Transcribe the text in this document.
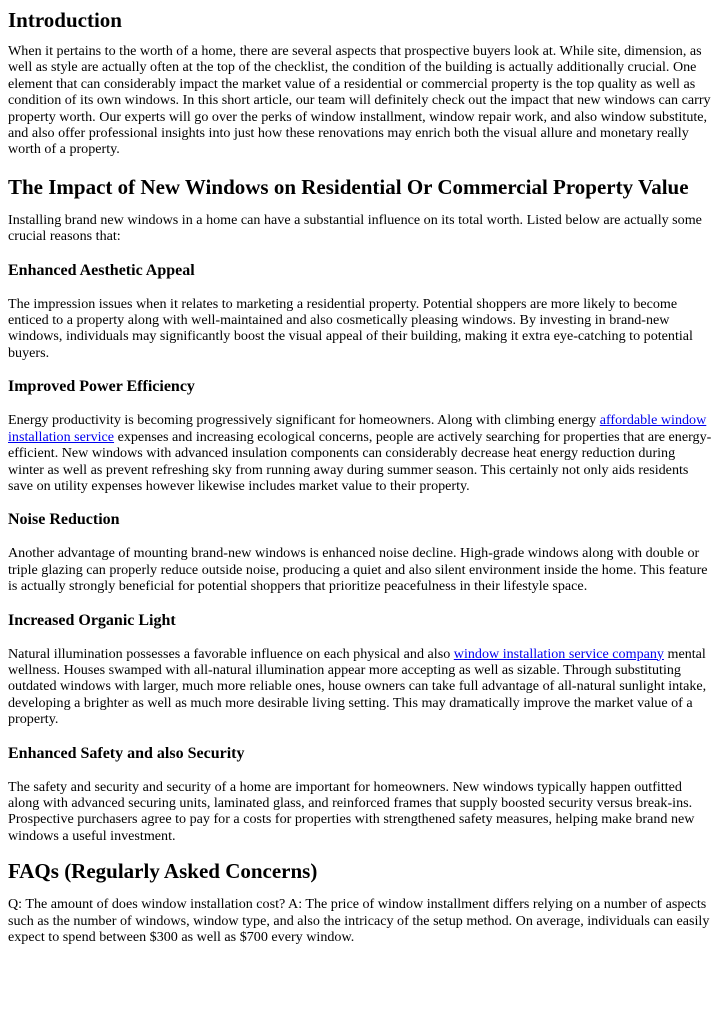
Introduction

When it pertains to the worth of a home, there are several aspects that prospective buyers look at. While site, dimension, as well as style are actually often at the top of the checklist, the condition of the building is actually additionally crucial. One element that can considerably impact the market value of a residential or commercial property is the top quality as well as condition of its own windows. In this short article, our team will definitely check out the impact that new windows can carry property worth. Our experts will go over the perks of window installment, window repair work, and also window substitute, and also offer professional insights into just how these renovations may enrich both the visual allure and monetary really worth of a property.

The Impact of New Windows on Residential Or Commercial Property Value

Installing brand new windows in a home can have a substantial influence on its total worth. Listed below are actually some crucial reasons that:

Enhanced Aesthetic Appeal

The impression issues when it relates to marketing a residential property. Potential shoppers are more likely to become enticed to a property along with well-maintained and also cosmetically pleasing windows. By investing in brand-new windows, individuals may significantly boost the visual appeal of their building, making it extra eye-catching to potential buyers.

Improved Power Efficiency

Energy productivity is becoming progressively significant for homeowners. Along with climbing energy affordable window installation service expenses and increasing ecological concerns, people are actively searching for properties that are energy-efficient. New windows with advanced insulation components can considerably decrease heat energy reduction during winter as well as prevent refreshing sky from running away during summer season. This certainly not only aids residents save on utility expenses however likewise includes market value to their property.

Noise Reduction

Another advantage of mounting brand-new windows is enhanced noise decline. High-grade windows along with double or triple glazing can properly reduce outside noise, producing a quiet and also silent environment inside the home. This feature is actually strongly beneficial for potential shoppers that prioritize peacefulness in their lifestyle space.

Increased Organic Light

Natural illumination possesses a favorable influence on each physical and also window installation service company mental wellness. Houses swamped with all-natural illumination appear more accepting as well as sizable. Through substituting outdated windows with larger, much more reliable ones, house owners can take full advantage of all-natural sunlight intake, developing a brighter as well as much more desirable living setting. This may dramatically improve the market value of a property.

Enhanced Safety and also Security

The safety and security and security of a home are important for homeowners. New windows typically happen outfitted along with advanced securing units, laminated glass, and reinforced frames that supply boosted security versus break-ins. Prospective purchasers agree to pay for a costs for properties with strengthened safety measures, helping make brand new windows a useful investment.

FAQs (Regularly Asked Concerns)

Q: The amount of does window installation cost? A: The price of window installment differs relying on a number of aspects such as the number of windows, window type, and also the intricacy of the setup method. On average, individuals can easily expect to spend between $300 as well as $700 every window.
